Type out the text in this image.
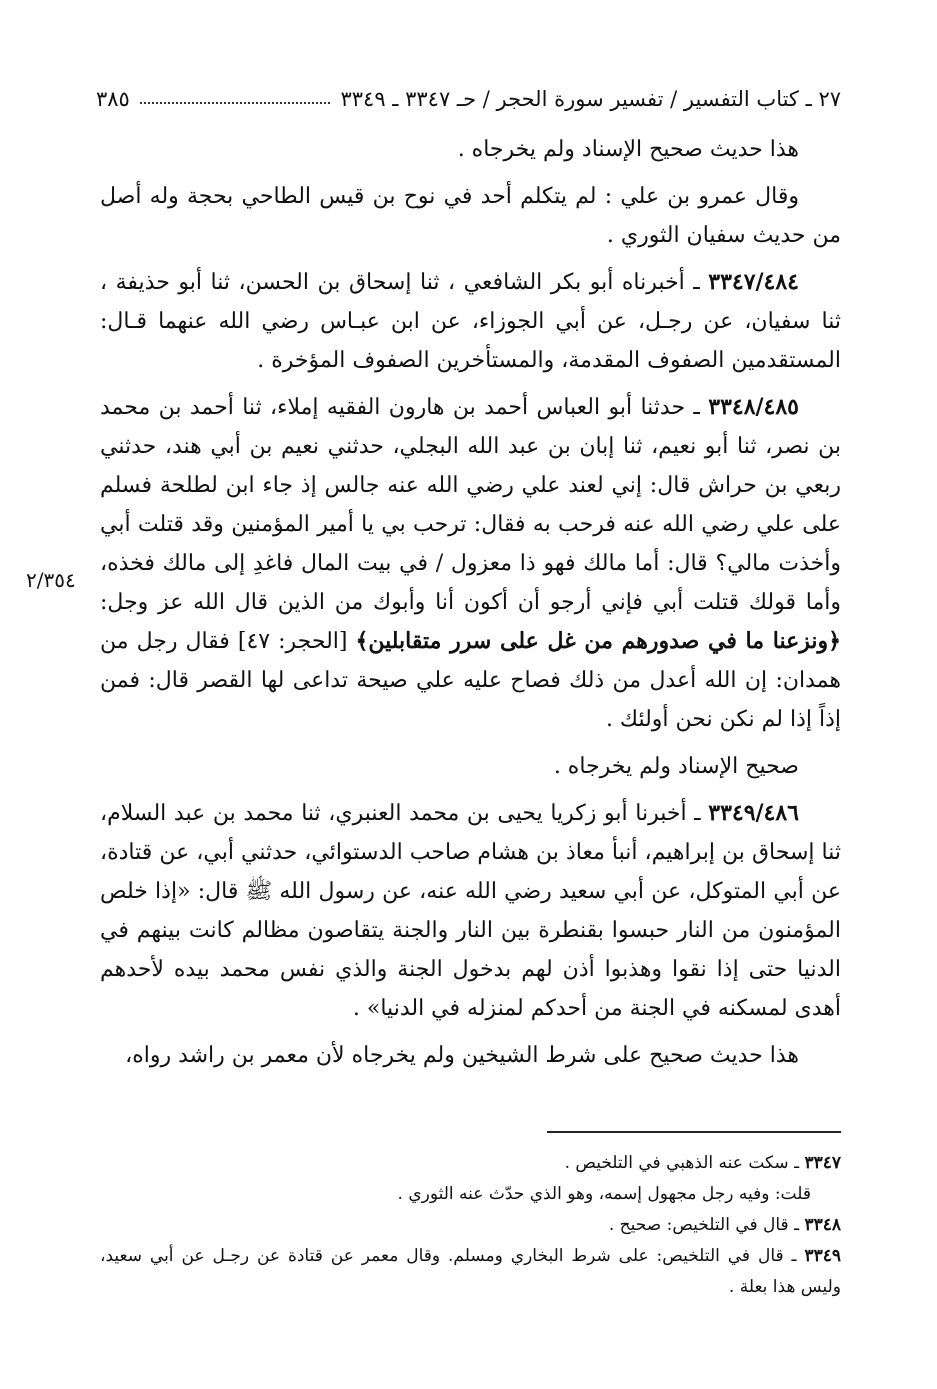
٢٧ ـ كتاب التفسير / تفسير سورة الحجر / حـ ٣٣٤٧ ـ ٣٣٤٩
٣٨٥

هذا حديث صحيح الإسناد ولم يخرجاه .

وقال عمرو بن علي : لم يتكلم أحد في نوح بن قيس الطاحي بحجة وله أصل من حديث سفيان الثوري .

٣٣٤٧/٤٨٤ ـ أخبرناه أبو بكر الشافعي ، ثنا إسحاق بن الحسن، ثنا أبو حذيفة ، ثنا سفيان، عن رجـل، عن أبي الجوزاء، عن ابن عبـاس رضي الله عنهما قـال: المستقدمين الصفوف المقدمة، والمستأخرين الصفوف المؤخرة .

٣٣٤٨/٤٨٥ ـ حدثنا أبو العباس أحمد بن هارون الفقيه إملاء، ثنا أحمد بن محمد بن نصر، ثنا أبو نعيم، ثنا إبان بن عبد الله البجلي، حدثني نعيم بن أبي هند، حدثني ربعي بن حراش قال: إني لعند علي رضي الله عنه جالس إذ جاء ابن لطلحة فسلم على علي رضي الله عنه فرحب به فقال: ترحب بي يا أمير المؤمنين وقد قتلت أبي وأخذت مالي؟ قال: أما مالك فهو ذا معزول / في بيت المال فاغدِ إلى مالك فخذه، وأما قولك قتلت أبي فإني أرجو أن أكون أنا وأبوك من الذين قال الله عز وجل: ﴿ونزعنا ما في صدورهم من غل على سرر متقابلين﴾ [الحجر: ٤٧] فقال رجل من همدان: إن الله أعدل من ذلك فصاح عليه علي صيحة تداعى لها القصر قال: فمن إذاً إذا لم نكن نحن أولئك .

صحيح الإسناد ولم يخرجاه .

٣٣٤٩/٤٨٦ ـ أخبرنا أبو زكريا يحيى بن محمد العنبري، ثنا محمد بن عبد السلام، ثنا إسحاق بن إبراهيم، أنبأ معاذ بن هشام صاحب الدستوائي، حدثني أبي، عن قتادة، عن أبي المتوكل، عن أبي سعيد رضي الله عنه، عن رسول الله ﷺ قال: «إذا خلص المؤمنون من النار حبسوا بقنطرة بين النار والجنة يتقاصون مظالم كانت بينهم في الدنيا حتى إذا نقوا وهذبوا أذن لهم بدخول الجنة والذي نفس محمد بيده لأحدهم أهدى لمسكنه في الجنة من أحدكم لمنزله في الدنيا» .

هذا حديث صحيح على شرط الشيخين ولم يخرجاه لأن معمر بن راشد رواه،

٢/٣٥٤

٣٣٤٧ ـ سكت عنه الذهبي في التلخيص .

قلت: وفيه رجل مجهول إسمه، وهو الذي حدّث عنه الثوري .

٣٣٤٨ ـ قال في التلخيص: صحيح .

٣٣٤٩ ـ قال في التلخيص: على شرط البخاري ومسلم. وقال معمر عن قتادة عن رجـل عن أبي سعيد، وليس هذا بعلة .
